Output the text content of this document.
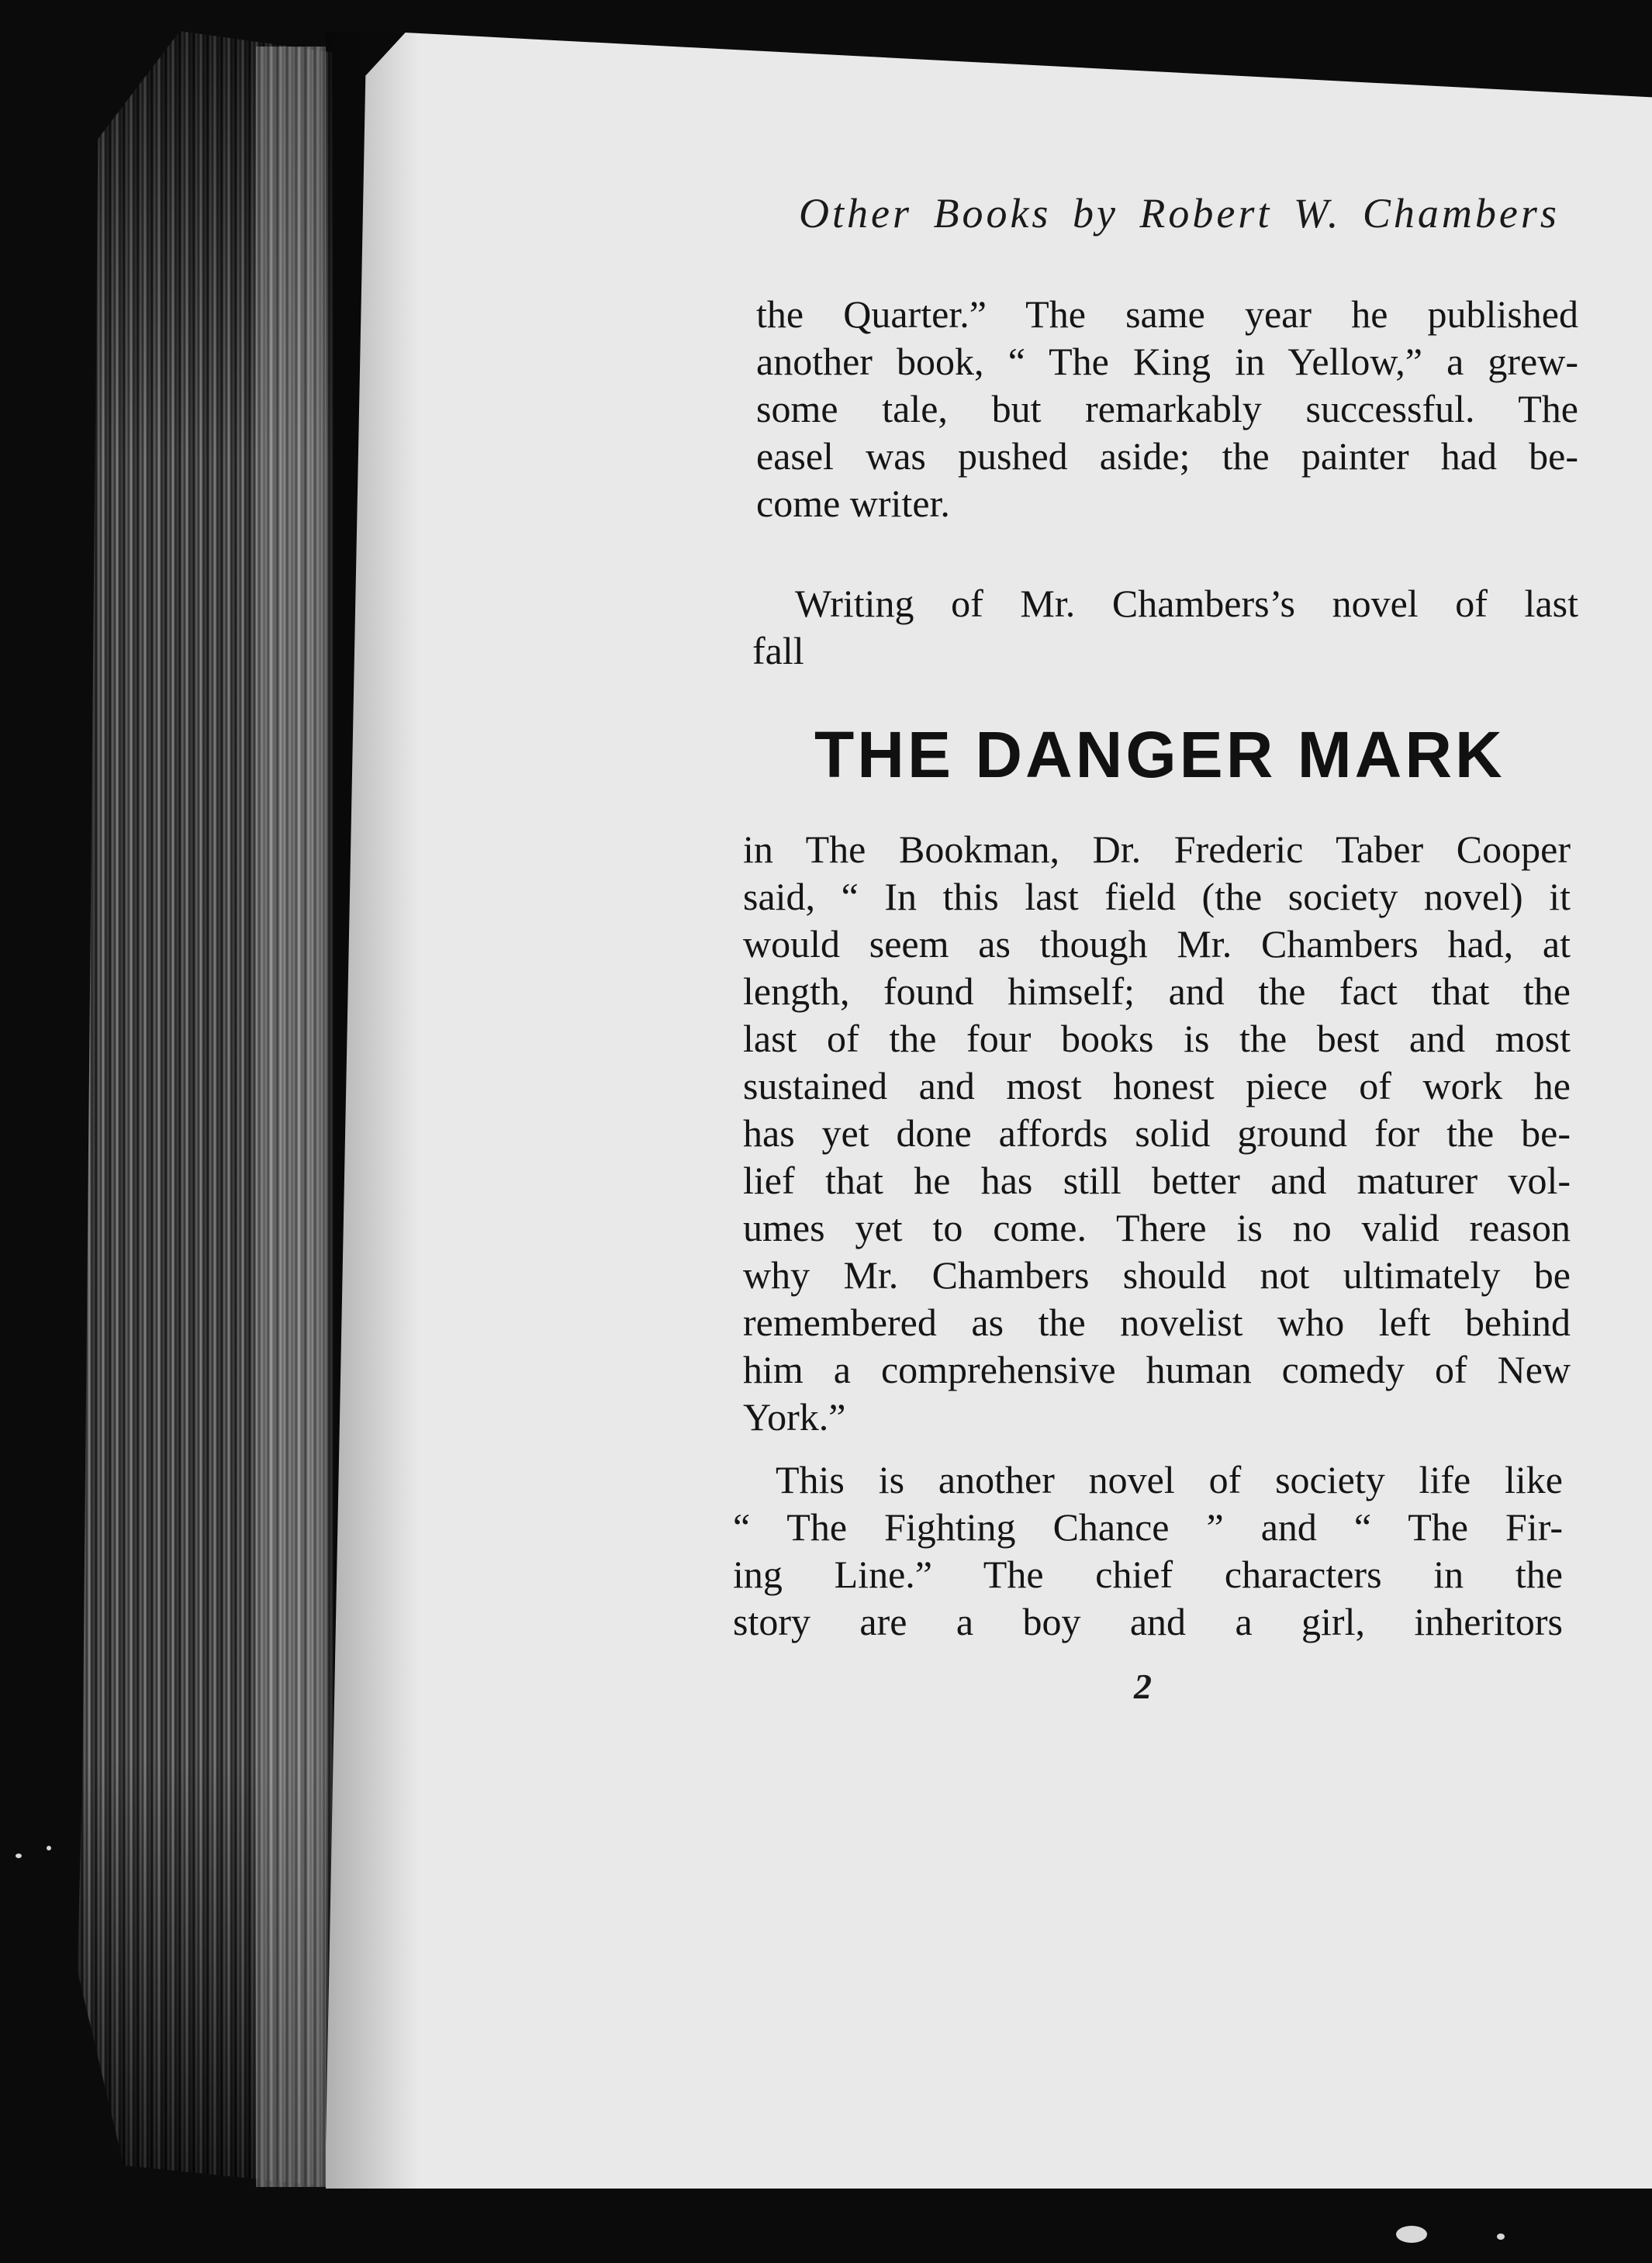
Other Books by Robert W. Chambers
the Quarter.” The same year he published
another book, “ The King in Yellow,” a grew-
some tale, but remarkably successful. The
easel was pushed aside; the painter had be-
come writer.
Writing of Mr. Chambers’s novel of last
fall
THE DANGER MARK
in The Bookman, Dr. Frederic Taber Cooper
said, “ In this last field (the society novel) it
would seem as though Mr. Chambers had, at
length, found himself; and the fact that the
last of the four books is the best and most
sustained and most honest piece of work he
has yet done affords solid ground for the be-
lief that he has still better and maturer vol-
umes yet to come. There is no valid reason
why Mr. Chambers should not ultimately be
remembered as the novelist who left behind
him a comprehensive human comedy of New
York.”
This is another novel of society life like
“ The Fighting Chance ” and “ The Fir-
ing Line.” The chief characters in the
story are a boy and a girl, inheritors
2
